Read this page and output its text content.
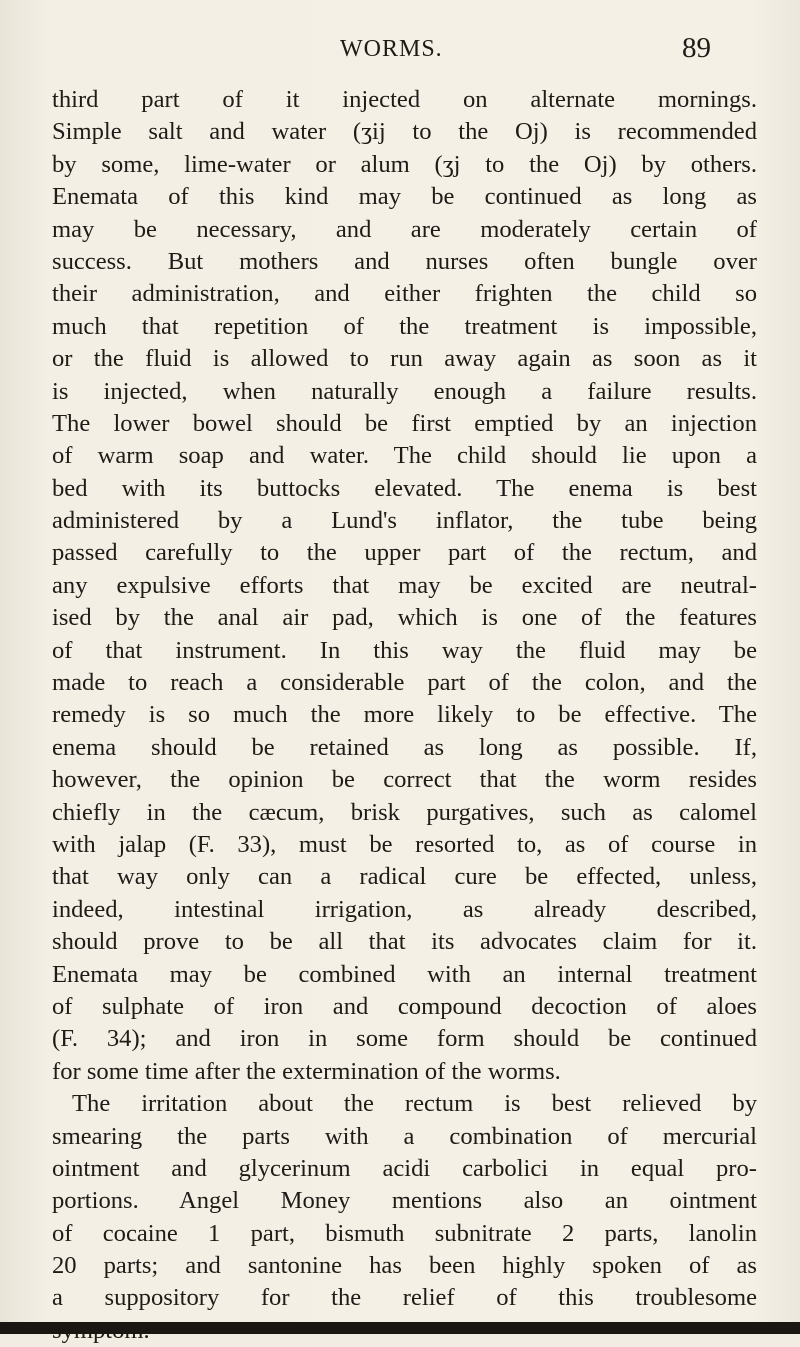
WORMS.	89
third part of it injected on alternate mornings.
Simple salt and water (ʒij to the Oj) is recommended
by some, lime-water or alum (ʒj to the Oj) by others.
Enemata of this kind may be continued as long as
may be necessary, and are moderately certain of
success. But mothers and nurses often bungle over
their administration, and either frighten the child so
much that repetition of the treatment is impossible,
or the fluid is allowed to run away again as soon as it
is injected, when naturally enough a failure results.
The lower bowel should be first emptied by an injection
of warm soap and water. The child should lie upon a
bed with its buttocks elevated. The enema is best
administered by a Lund's inflator, the tube being
passed carefully to the upper part of the rectum, and
any expulsive efforts that may be excited are neutral-
ised by the anal air pad, which is one of the features
of that instrument. In this way the fluid may be
made to reach a considerable part of the colon, and the
remedy is so much the more likely to be effective. The
enema should be retained as long as possible. If,
however, the opinion be correct that the worm resides
chiefly in the cæcum, brisk purgatives, such as calomel
with jalap (F. 33), must be resorted to, as of course in
that way only can a radical cure be effected, unless,
indeed, intestinal irrigation, as already described,
should prove to be all that its advocates claim for it.
Enemata may be combined with an internal treatment
of sulphate of iron and compound decoction of aloes
(F. 34); and iron in some form should be continued
for some time after the extermination of the worms.
The irritation about the rectum is best relieved by
smearing the parts with a combination of mercurial
ointment and glycerinum acidi carbolici in equal pro-
portions. Angel Money mentions also an ointment
of cocaine 1 part, bismuth subnitrate 2 parts, lanolin
20 parts; and santonine has been highly spoken of as
a suppository for the relief of this troublesome
